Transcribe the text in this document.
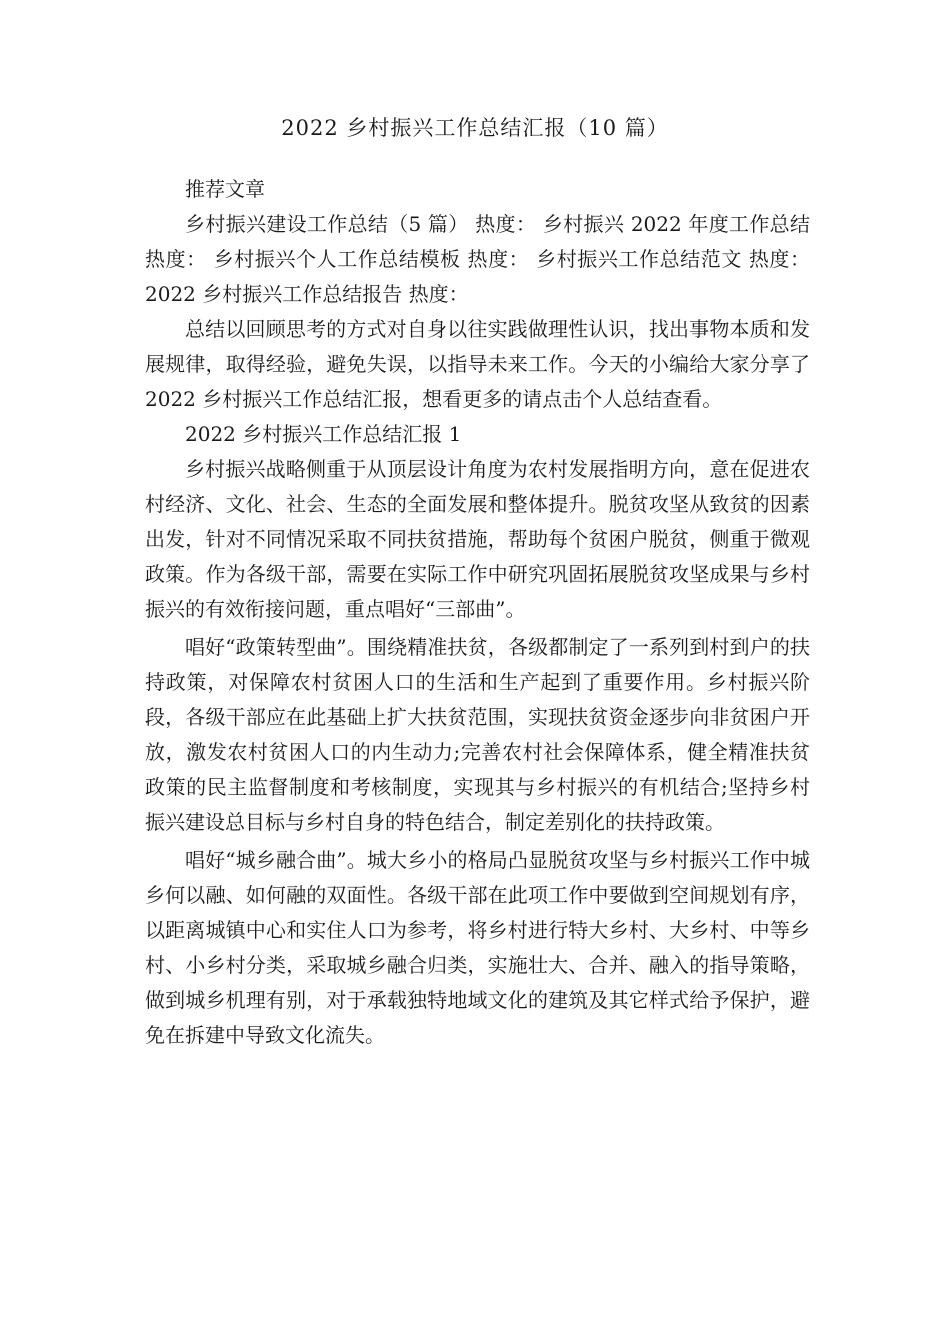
2022 乡村振兴工作总结汇报（10 篇）

推荐文章

乡村振兴建设工作总结（5 篇） 热度： 乡村振兴 2022 年度工作总结 热度： 乡村振兴个人工作总结模板 热度： 乡村振兴工作总结范文 热度： 2022 乡村振兴工作总结报告 热度：

总结以回顾思考的方式对自身以往实践做理性认识，找出事物本质和发展规律，取得经验，避免失误，以指导未来工作。今天的小编给大家分享了 2022 乡村振兴工作总结汇报，想看更多的请点击个人总结查看。

2022 乡村振兴工作总结汇报 1

乡村振兴战略侧重于从顶层设计角度为农村发展指明方向，意在促进农村经济、文化、社会、生态的全面发展和整体提升。脱贫攻坚从致贫的因素出发，针对不同情况采取不同扶贫措施，帮助每个贫困户脱贫，侧重于微观政策。作为各级干部，需要在实际工作中研究巩固拓展脱贫攻坚成果与乡村振兴的有效衔接问题，重点唱好“三部曲”。

唱好“政策转型曲”。围绕精准扶贫，各级都制定了一系列到村到户的扶持政策，对保障农村贫困人口的生活和生产起到了重要作用。乡村振兴阶段，各级干部应在此基础上扩大扶贫范围，实现扶贫资金逐步向非贫困户开放，激发农村贫困人口的内生动力;完善农村社会保障体系，健全精准扶贫政策的民主监督制度和考核制度，实现其与乡村振兴的有机结合;坚持乡村振兴建设总目标与乡村自身的特色结合，制定差别化的扶持政策。

唱好“城乡融合曲”。城大乡小的格局凸显脱贫攻坚与乡村振兴工作中城乡何以融、如何融的双面性。各级干部在此项工作中要做到空间规划有序，以距离城镇中心和实住人口为参考，将乡村进行特大乡村、大乡村、中等乡村、小乡村分类，采取城乡融合归类，实施壮大、合并、融入的指导策略，做到城乡机理有别，对于承载独特地域文化的建筑及其它样式给予保护，避免在拆建中导致文化流失。
